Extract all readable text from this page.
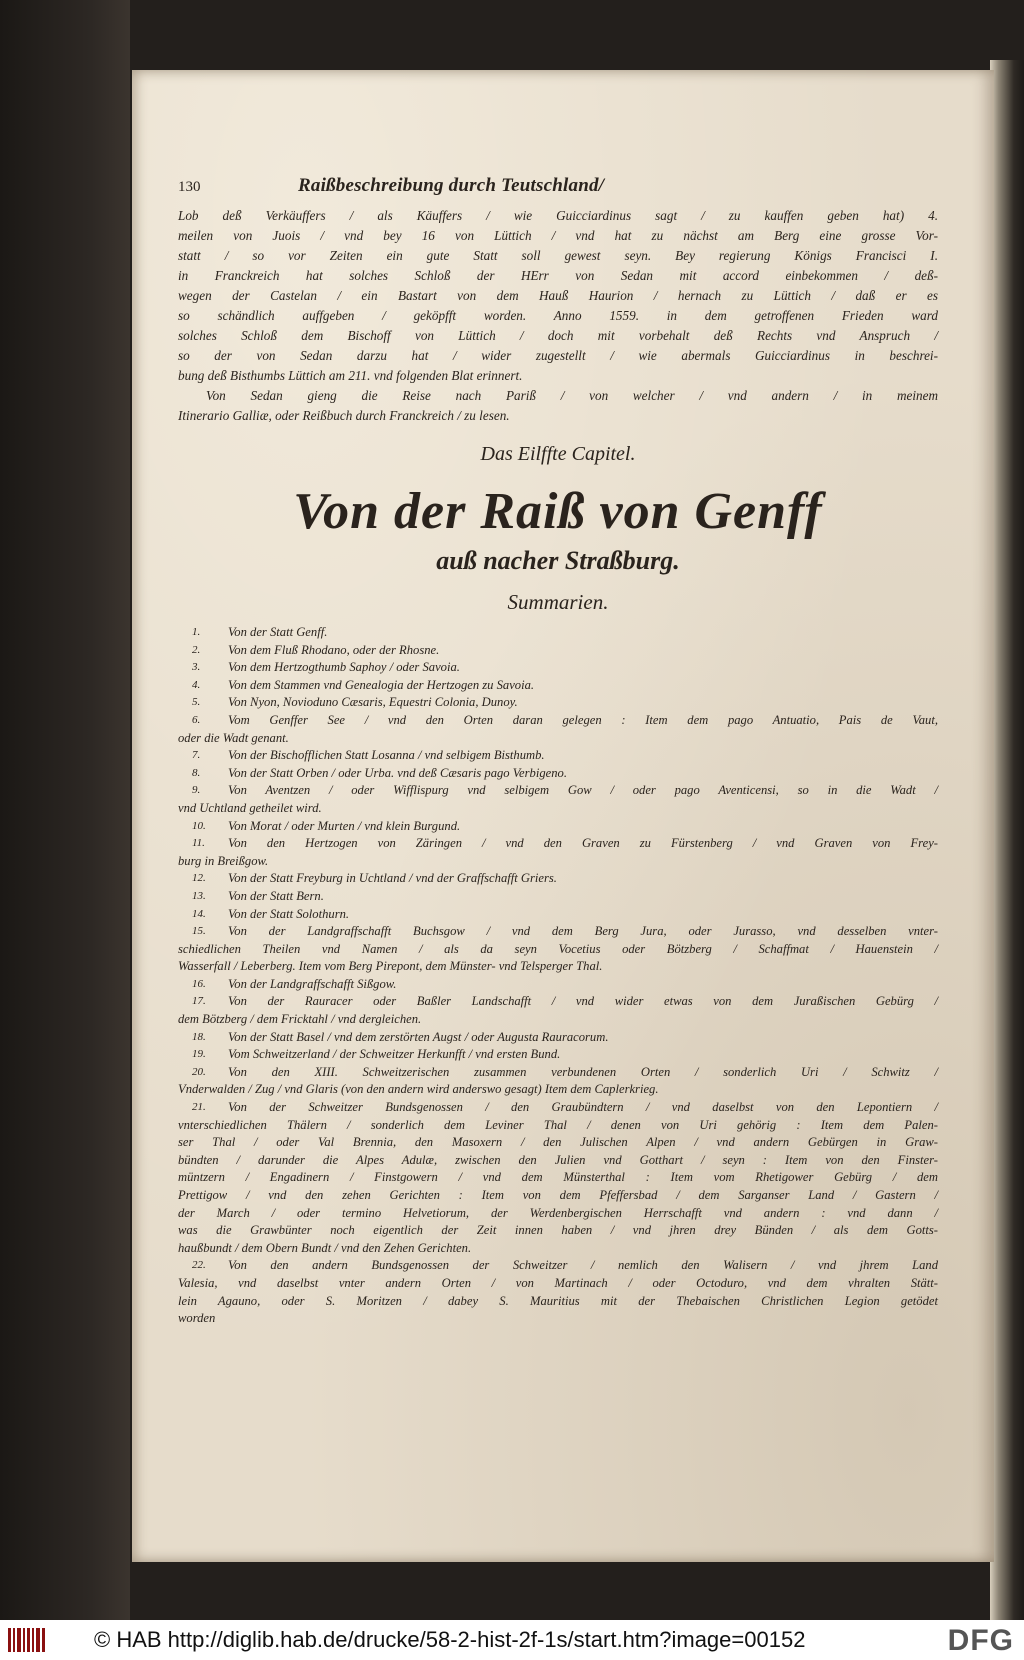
130	Raißbeschreibung durch Teutschland/
Lob deß Verkäuffers / als Käuffers / wie Guicciardinus sagt / zu kauffen geben hat) 4.
meilen von Juois / vnd bey 16 von Lüttich / vnd hat zu nächst am Berg eine grosse Vor-
statt / so vor Zeiten ein gute Statt soll gewest seyn. Bey regierung Königs Francisci I.
in Franckreich hat solches Schloß der HErr von Sedan mit accord einbekommen / deß-
wegen der Castelan / ein Bastart von dem Hauß Haurion / hernach zu Lüttich / daß er es
so schändlich auffgeben / geköpfft worden. Anno 1559. in dem getroffenen Frieden ward
solches Schloß dem Bischoff von Lüttich / doch mit vorbehalt deß Rechts vnd Anspruch /
so der von Sedan darzu hat / wider zugestellt / wie abermals Guicciardinus in beschrei-
bung deß Bisthumbs Lüttich am 211. vnd folgenden Blat erinnert.
Von Sedan gieng die Reise nach Pariß / von welcher / vnd andern / in meinem
Itinerario Galliæ, oder Reißbuch durch Franckreich / zu lesen.
Das Eilffte Capitel.
Von der Raiß von Genff
auß nacher Straßburg.
Summarien.
1.	Von der Statt Genff.
2.	Von dem Fluß Rhodano, oder der Rhosne.
3.	Von dem Hertzogthumb Saphoy / oder Savoia.
4.	Von dem Stammen vnd Genealogia der Hertzogen zu Savoia.
5.	Von Nyon, Novioduno Cæsaris, Equestri Colonia, Dunoy.
6.	Vom Genffer See / vnd den Orten daran gelegen : Item dem pago Antuatio, Pais de Vaut,
oder die Wadt genant.
7.	Von der Bischofflichen Statt Losanna / vnd selbigem Bisthumb.
8.	Von der Statt Orben / oder Urba. vnd deß Cæsaris pago Verbigeno.
9.	Von Aventzen / oder Wifflispurg vnd selbigem Gow / oder pago Aventicensi, so in die Wadt /
vnd Uchtland getheilet wird.
10.	Von Morat / oder Murten / vnd klein Burgund.
11.	Von den Hertzogen von Zäringen / vnd den Graven zu Fürstenberg / vnd Graven von Frey-
burg in Breißgow.
12.	Von der Statt Freyburg in Uchtland / vnd der Graffschafft Griers.
13.	Von der Statt Bern.
14.	Von der Statt Solothurn.
15.	Von der Landgraffschafft Buchsgow / vnd dem Berg Jura, oder Jurasso, vnd desselben vnter-
schiedlichen Theilen vnd Namen / als da seyn Vocetius oder Bötzberg / Schaffmat / Hauenstein /
Wasserfall / Leberberg. Item vom Berg Pirepont, dem Münster- vnd Telsperger Thal.
16.	Von der Landgraffschafft Sißgow.
17.	Von der Rauracer oder Baßler Landschafft / vnd wider etwas von dem Juraßischen Gebürg /
dem Bötzberg / dem Fricktahl / vnd dergleichen.
18.	Von der Statt Basel / vnd dem zerstörten Augst / oder Augusta Rauracorum.
19.	Vom Schweitzerland / der Schweitzer Herkunfft / vnd ersten Bund.
20.	Von den XIII. Schweitzerischen zusammen verbundenen Orten / sonderlich Uri / Schwitz /
Vnderwalden / Zug / vnd Glaris (von den andern wird anderswo gesagt) Item dem Caplerkrieg.
21.	Von der Schweitzer Bundsgenossen / den Graubündtern / vnd daselbst von den Lepontiern /
vnterschiedlichen Thälern / sonderlich dem Leviner Thal / denen von Uri gehörig : Item dem Palen-
ser Thal / oder Val Brennia, den Masoxern / den Julischen Alpen / vnd andern Gebürgen in Graw-
bündten / darunder die Alpes Adulæ, zwischen den Julien vnd Gotthart / seyn : Item von den Finster-
müntzern / Engadinern / Finstgowern / vnd dem Münsterthal : Item vom Rhetigower Gebürg / dem
Prettigow / vnd den zehen Gerichten : Item von dem Pfeffersbad / dem Sarganser Land / Gastern /
der March / oder termino Helvetiorum, der Werdenbergischen Herrschafft vnd andern : vnd dann /
was die Grawbünter noch eigentlich der Zeit innen haben / vnd jhren drey Bünden / als dem Gotts-
haußbundt / dem Obern Bundt / vnd den Zehen Gerichten.
22.	Von den andern Bundsgenossen der Schweitzer / nemlich den Walisern / vnd jhrem Land
Valesia, vnd daselbst vnter andern Orten / von Martinach / oder Octoduro, vnd dem vhralten Stätt-
lein Agauno, oder S. Moritzen / dabey S. Mauritius mit der Thebaischen Christlichen Legion getödet
worden
© HAB http://diglib.hab.de/drucke/58-2-hist-2f-1s/start.htm?image=00152	DFG
